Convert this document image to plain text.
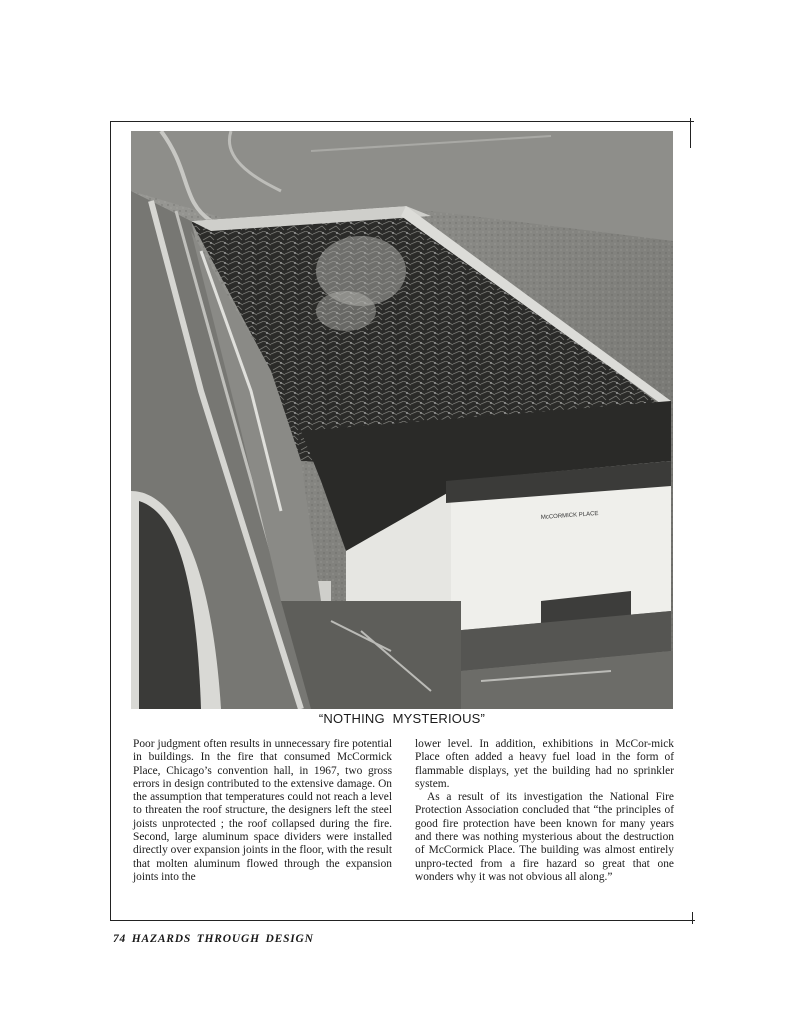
McCORMICK PLACE
“NOTHING MYSTERIOUS”

Poor judgment often results in unnecessary fire potential in buildings. In the fire that consumed McCormick Place, Chicago’s convention hall, in 1967, two gross errors in design contributed to the extensive damage. On the assumption that temperatures could not reach a level to threaten the roof structure, the designers left the steel joists unprotected ; the roof collapsed during the fire. Second, large aluminum space dividers were installed directly over expansion joints in the floor, with the result that molten aluminum flowed through the expansion joints into the

lower level. In addition, exhibitions in McCor-mick Place often added a heavy fuel load in the form of flammable displays, yet the building had no sprinkler system.

As a result of its investigation the National Fire Protection Association concluded that “the principles of good fire protection have been known for many years and there was nothing mysterious about the destruction of McCormick Place. The building was almost entirely unpro-tected from a fire hazard so great that one wonders why it was not obvious all along.”

74 HAZARDS THROUGH DESIGN
